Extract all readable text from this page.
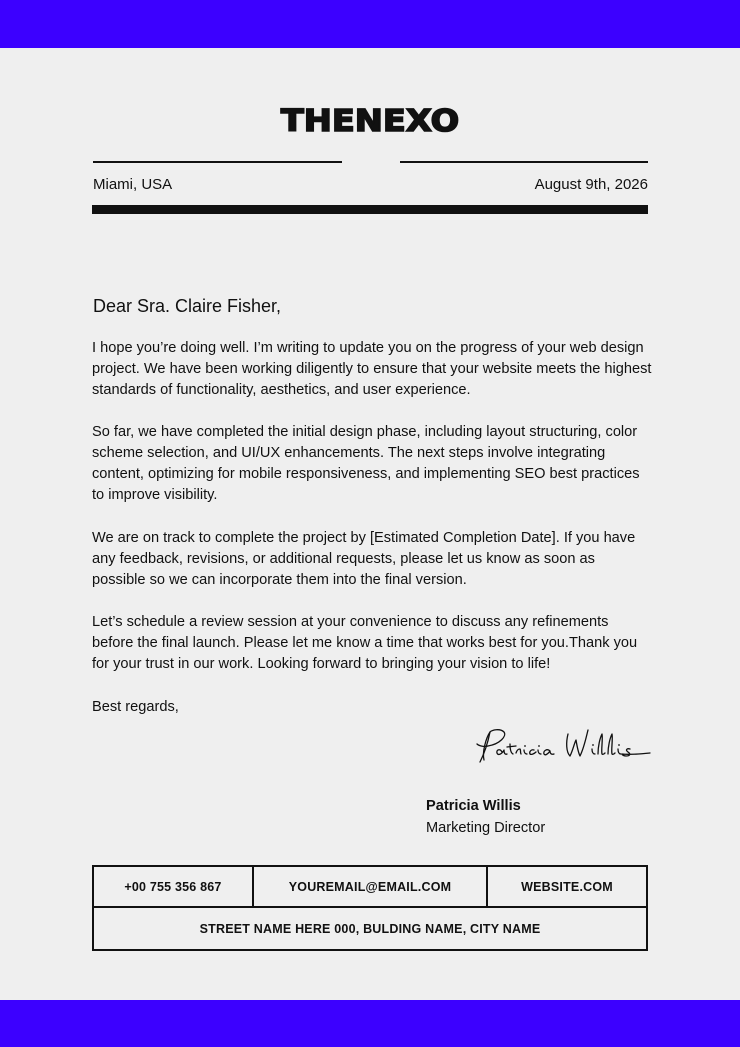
THENEXO
Miami, USA	August 9th, 2026
Dear Sra. Claire Fisher,

I hope you’re doing well. I’m writing to update you on the progress of your web design project. We have been working diligently to ensure that your website meets the highest standards of functionality, aesthetics, and user experience.

So far, we have completed the initial design phase, including layout structuring, color scheme selection, and UI/UX enhancements. The next steps involve integrating content, optimizing for mobile responsiveness, and implementing SEO best practices to improve visibility.

We are on track to complete the project by [Estimated Completion Date]. If you have any feedback, revisions, or additional requests, please let us know as soon as possible so we can incorporate them into the final version.

Let’s schedule a review session at your convenience to discuss any refinements before the final launch. Please let me know a time that works best for you.Thank you for your trust in our work. Looking forward to bringing your vision to life!

Best regards,

Patricia Willis
Marketing Director
+00 755 356 867	YOUREMAIL@EMAIL.COM	WEBSITE.COM
STREET NAME HERE 000, BULDING NAME, CITY NAME
